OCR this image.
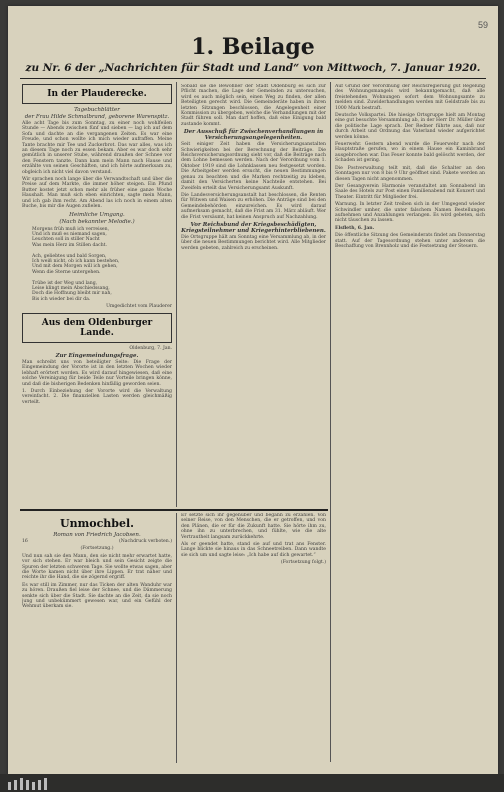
59
1. Beilage
zu Nr. 6 der „Nachrichten für Stadt und Land“ von Mittwoch, 7. Januar 1920.
In der Plauderecke.
Tagebuchblätter
der Frau Hilde Schmalbrand, geborene Warenspitz.

Alle acht Tage bis zum Sonntag, zu einer noch wohlfeilen Stunde — Abends zwischen fünf und sieben — lag ich auf dem Sofa und dachte an die vergangenen Zeiten. Es war eine Freude, und schon wollte ich mich wieder aufraffen. Meine Tante brachte mir Tee und Zuckerbrot. Das war alles, was ich an diesem Tage noch zu essen bekam. Aber es war doch sehr gemütlich in unserer Stube, während draußen der Schnee vor den Fenstern tanzte. Dann kam mein Mann nach Hause und erzählte von seinen Geschäften, und ich hörte aufmerksam zu, obgleich ich nicht viel davon verstand.

Wir sprachen noch lange über die Verwandtschaft und über die Preise auf dem Markte, die immer höher steigen. Ein Pfund Butter kostet jetzt schon mehr als früher eine ganze Woche Haushalt. Man muß sich eben einrichten, sagte mein Mann, und ich gab ihm recht. Am Abend las ich noch in einem alten Buche, bis mir die Augen zufielen.

Heimliche Umgang.
(Nach bekannter Melodie.)
Morgens früh muß ich verreisen,
Und ich muß es niemand sagen,
Leuchten soll in stiller Nacht
Was mein Herz im Stillen dacht.

Ach, geliebtes und bald Sorgen,
Ich weiß nicht, ob ich kann bestehen,
Und mit dem Morgen will ich gehen,
Wenn die Sterne untergehen.

Trübe ist der Weg und lang,
Leise klingt mein Abschiedssang,
Doch die Hoffnung bleibt mir nah,
Bis ich wieder bei dir da.
Umgedichtet vom Plauderer
Aus dem Oldenburger Lande.
Oldenburg, 7. Jan.
Zur Eingemeindungsfrage.

Man schreibt uns von beteiligter Seite: Die Frage der Eingemeindung der Vororte ist in den letzten Wochen wieder lebhaft erörtert worden. Es wird darauf hingewiesen, daß eine solche Vereinigung für beide Teile nur Vorteile bringen könne, und daß die bisherigen Bedenken hinfällig geworden seien.

1. Durch Einbeziehung der Vororte wird die Verwaltung vereinfacht. 2. Die finanziellen Lasten werden gleichmäßig verteilt.

Sobald sie die Bewohner der Stadt Oldenburg es sich zur Pflicht machen, die Lage der Gemeinden zu untersuchen, wird es auch möglich sein, einen Weg zu finden, der allen Beteiligten gerecht wird. Die Gemeinderäte haben in ihren letzten Sitzungen beschlossen, die Angelegenheit einer Kommission zu übergeben, welche die Verhandlungen mit der Stadt führen soll. Man darf hoffen, daß eine Einigung bald zustande kommt.

Der Ausschuß für Zwischenverhandlungen in Versicherungsangelegenheiten.

Seit einiger Zeit haben die Versicherungsanstalten Schwierigkeiten bei der Berechnung der Beiträge. Die Reichsversicherungsordnung sieht vor, daß die Beiträge nach dem Lohne bemessen werden. Nach der Verordnung vom 1. Oktober 1919 sind die Lohnklassen neu festgesetzt worden. Die Arbeitgeber werden ersucht, die neuen Bestimmungen genau zu beachten und die Marken rechtzeitig zu kleben, damit den Versicherten keine Nachteile entstehen. Bei Zweifeln erteilt das Versicherungsamt Auskunft.

Die Landesversicherungsanstalt hat beschlossen, die Renten für Witwen und Waisen zu erhöhen. Die Anträge sind bei den Gemeindebehörden einzureichen. Es wird darauf aufmerksam gemacht, daß die Frist am 31. März abläuft. Wer die Frist versäumt, hat keinen Anspruch auf Nachzahlung.

Vor Reichsbund der Kriegsbeschädigten, Kriegsteilnehmer und Kriegerhinterbliebenen.

Die Ortsgruppe hält am Sonntag eine Versammlung ab, in der über die neuen Bestimmungen berichtet wird. Alle Mitglieder werden gebeten, zahlreich zu erscheinen.

Auf Grund der Verordnung der Reichsregierung gut Regelung des Wohnungsmangels wird bekanntgemacht, daß alle freistehenden Wohnungen sofort dem Wohnungsamte zu melden sind. Zuwiderhandlungen werden mit Geldstrafe bis zu 1000 Mark bestraft.

Deutsche Volkspartei. Die hiesige Ortsgruppe hielt am Montag eine gut besuchte Versammlung ab, in der Herr Dr. Müller über die politische Lage sprach. Der Redner führte aus, daß nur durch Arbeit und Ordnung das Vaterland wieder aufgerichtet werden könne.

Feuerwehr. Gestern abend wurde die Feuerwehr nach der Hauptstraße gerufen, wo in einem Hause ein Kaminbrand ausgebrochen war. Das Feuer konnte bald gelöscht werden, der Schaden ist gering.

Die Postverwaltung teilt mit, daß die Schalter an den Sonntagen nur von 8 bis 9 Uhr geöffnet sind. Pakete werden an diesen Tagen nicht angenommen.

Der Gesangverein Harmonie veranstaltet am Sonnabend im Saale des Hotels zur Post einen Familienabend mit Konzert und Theater. Eintritt für Mitglieder frei.

Warnung. In letzter Zeit treiben sich in der Umgegend wieder Schwindler umher, die unter falschem Namen Bestellungen aufnehmen und Anzahlungen verlangen. Es wird gebeten, sich nicht täuschen zu lassen.

Elsfleth, 6. Jan.

Die öffentliche Sitzung des Gemeinderats findet am Donnerstag statt. Auf der Tagesordnung stehen unter anderem die Beschaffung von Brennholz und die Festsetzung der Steuern.

Unmochbel.
Roman von Friedrich Jacobsen.
16	(Nachdruck verboten.)
(Fortsetzung.)

Und nun sah sie den Mann, den sie nicht mehr erwartet hatte, vor sich stehen. Er war bleich und sein Gesicht zeigte die Spuren der letzten schweren Tage. Sie wollte etwas sagen, aber die Worte kamen nicht über ihre Lippen. Er trat näher und reichte ihr die Hand, die sie zögernd ergriff.

Es war still im Zimmer, nur das Ticken der alten Wanduhr war zu hören. Draußen fiel leise der Schnee, und die Dämmerung senkte sich über die Stadt. Sie dachte an die Zeit, da sie noch jung und unbekümmert gewesen war, und ein Gefühl der Wehmut überkam sie.

Er setzte sich ihr gegenüber und begann zu erzählen. Von seiner Reise, von den Menschen, die er getroffen, und von den Plänen, die er für die Zukunft hatte. Sie hörte ihm zu, ohne ihn zu unterbrechen, und fühlte, wie die alte Vertrautheit langsam zurückkehrte.

Als er geendet hatte, stand sie auf und trat ans Fenster. Lange blickte sie hinaus in das Schneetreiben. Dann wandte sie sich um und sagte leise: „Ich habe auf dich gewartet.“

(Fortsetzung folgt.)
